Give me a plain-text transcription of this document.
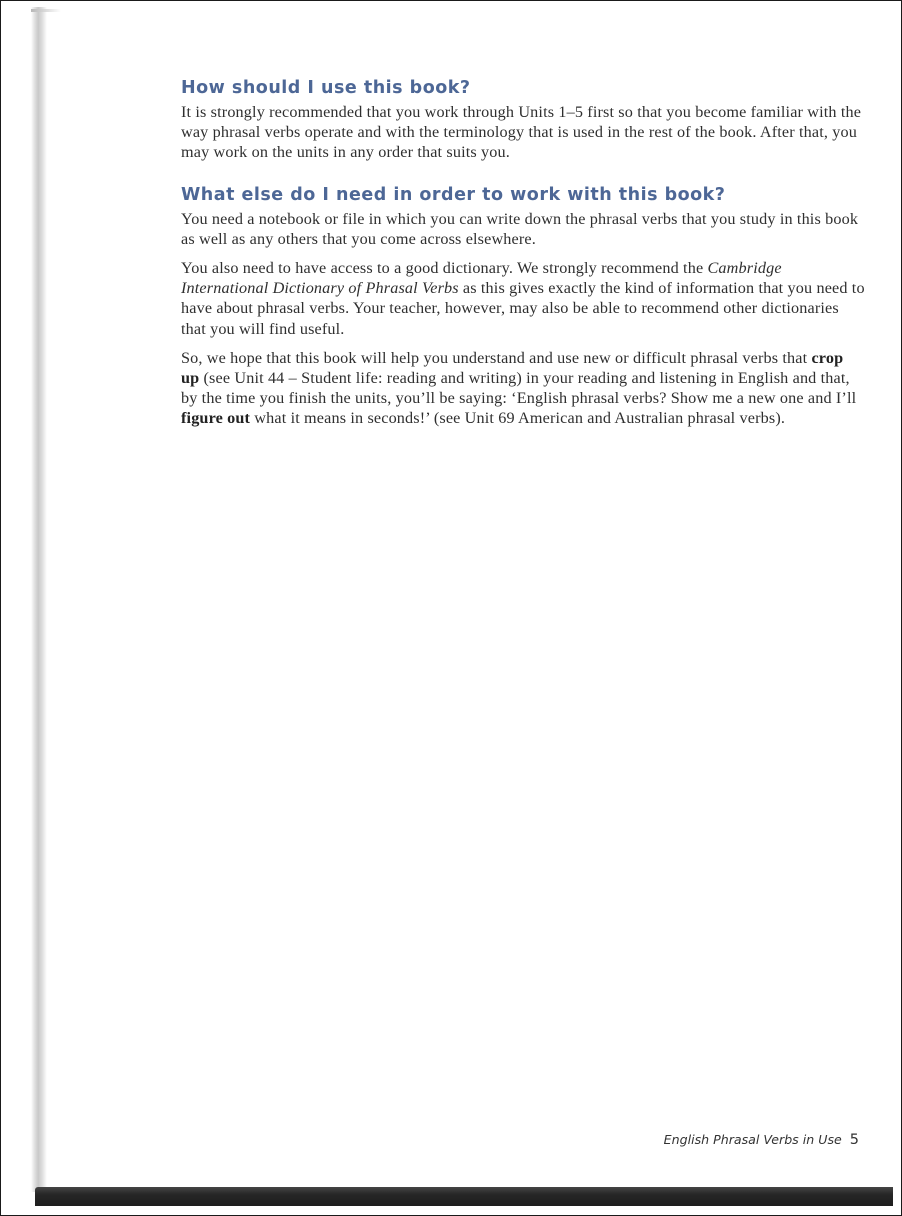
How should I use this book?

It is strongly recommended that you work through Units 1–5 first so that you become familiar with the way phrasal verbs operate and with the terminology that is used in the rest of the book. After that, you may work on the units in any order that suits you.

What else do I need in order to work with this book?

You need a notebook or file in which you can write down the phrasal verbs that you study in this book as well as any others that you come across elsewhere.

You also need to have access to a good dictionary. We strongly recommend the Cambridge International Dictionary of Phrasal Verbs as this gives exactly the kind of information that you need to have about phrasal verbs. Your teacher, however, may also be able to recommend other dictionaries that you will find useful.

So, we hope that this book will help you understand and use new or difficult phrasal verbs that crop up (see Unit 44 – Student life: reading and writing) in your reading and listening in English and that, by the time you finish the units, you’ll be saying: ‘English phrasal verbs? Show me a new one and I’ll figure out what it means in seconds!’ (see Unit 69 American and Australian phrasal verbs).

English Phrasal Verbs in Use 5
